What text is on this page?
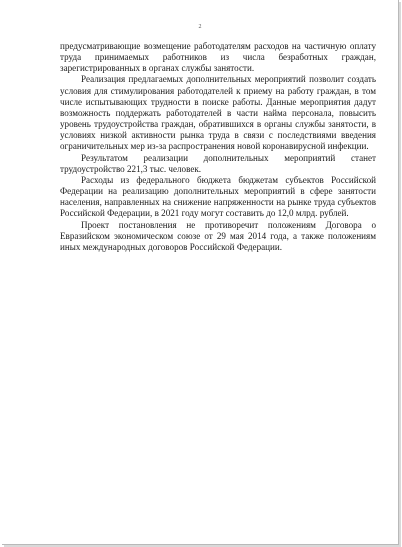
2

предусматривающие возмещение работодателям расходов на частичную оплату труда принимаемых работников из числа безработных граждан, зарегистрированных в органах службы занятости.

Реализация предлагаемых дополнительных мероприятий позволит создать условия для стимулирования работодателей к приему на работу граждан, в том числе испытывающих трудности в поиске работы. Данные мероприятия дадут возможность поддержать работодателей в части найма персонала, повысить уровень трудоустройства граждан, обратившихся в органы службы занятости, в условиях низкой активности рынка труда в связи с последствиями введения ограничительных мер из-за распространения новой коронавирусной инфекции.

Результатом реализации дополнительных мероприятий станет трудоустройство 221,3 тыс. человек.

Расходы из федерального бюджета бюджетам субъектов Российской Федерации на реализацию дополнительных мероприятий в сфере занятости населения, направленных на снижение напряженности на рынке труда субъектов Российской Федерации, в 2021 году могут составить до 12,0 млрд. рублей.

Проект постановления не противоречит положениям Договора о Евразийском экономическом союзе от 29 мая 2014 года, а также положениям иных международных договоров Российской Федерации.
